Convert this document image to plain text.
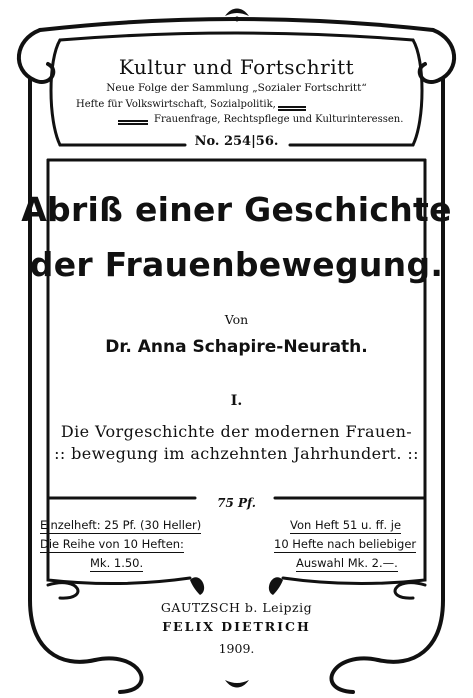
Kultur und Fortschritt
Neue Folge der Sammlung „Sozialer Fortschritt“
Hefte für Volkswirtschaft, Sozialpolitik,
Frauenfrage, Rechtspflege und Kulturinteressen.
No. 254|56.
Abriß einer Geschichte
der Frauenbewegung.
Von
Dr. Anna Schapire-Neurath.
I.
Die Vorgeschichte der modernen Frauen-
:: bewegung im achzehnten Jahrhundert. ::
75 Pf.
Einzelheft: 25 Pf. (30 Heller)
Die Reihe von 10 Heften:
Mk. 1.50.
Von Heft 51 u. ff. je
10 Hefte nach beliebiger
Auswahl Mk. 2.—.
GAUTZSCH b. Leipzig
FELIX DIETRICH
1909.
